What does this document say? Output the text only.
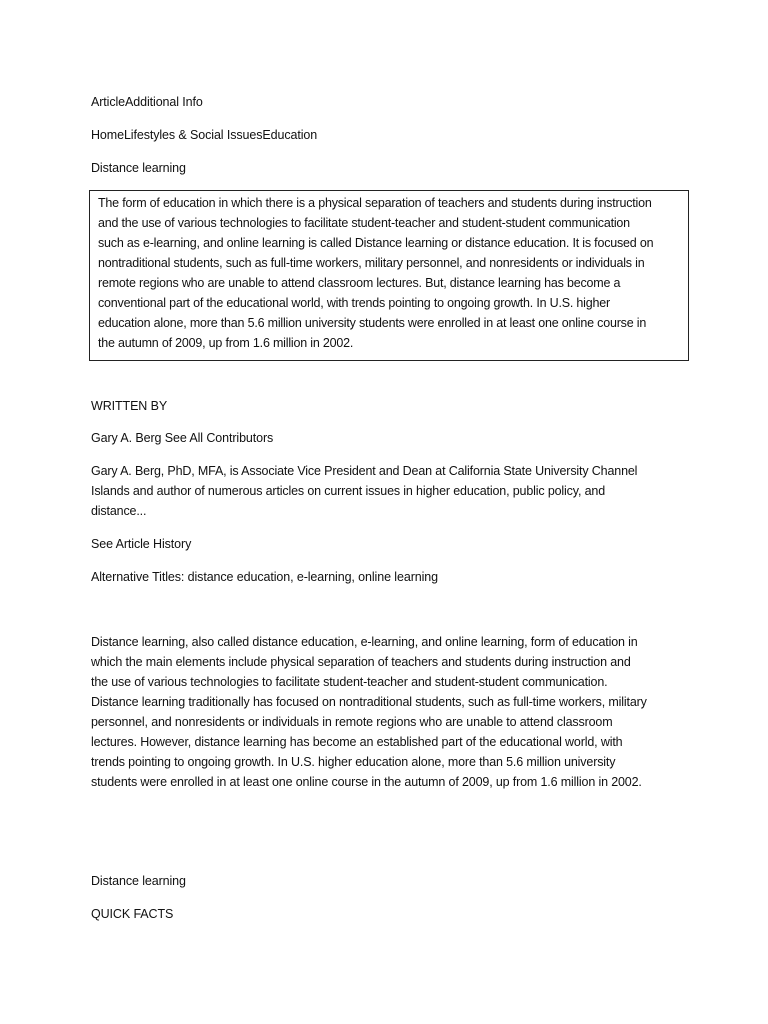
ArticleAdditional Info

HomeLifestyles & Social IssuesEducation

Distance learning

The form of education in which there is a physical separation of teachers and students during instruction
and the use of various technologies to facilitate student-teacher and student-student communication
such as e-learning, and online learning is called Distance learning or distance education. It is focused on
nontraditional students, such as full-time workers, military personnel, and nonresidents or individuals in
remote regions who are unable to attend classroom lectures. But, distance learning has become a
conventional part of the educational world, with trends pointing to ongoing growth. In U.S. higher
education alone, more than 5.6 million university students were enrolled in at least one online course in
the autumn of 2009, up from 1.6 million in 2002.

WRITTEN BY

Gary A. Berg See All Contributors

Gary A. Berg, PhD, MFA, is Associate Vice President and Dean at California State University Channel
Islands and author of numerous articles on current issues in higher education, public policy, and
distance...

See Article History

Alternative Titles: distance education, e-learning, online learning

Distance learning, also called distance education, e-learning, and online learning, form of education in
which the main elements include physical separation of teachers and students during instruction and
the use of various technologies to facilitate student-teacher and student-student communication.
Distance learning traditionally has focused on nontraditional students, such as full-time workers, military
personnel, and nonresidents or individuals in remote regions who are unable to attend classroom
lectures. However, distance learning has become an established part of the educational world, with
trends pointing to ongoing growth. In U.S. higher education alone, more than 5.6 million university
students were enrolled in at least one online course in the autumn of 2009, up from 1.6 million in 2002.

Distance learning

QUICK FACTS
